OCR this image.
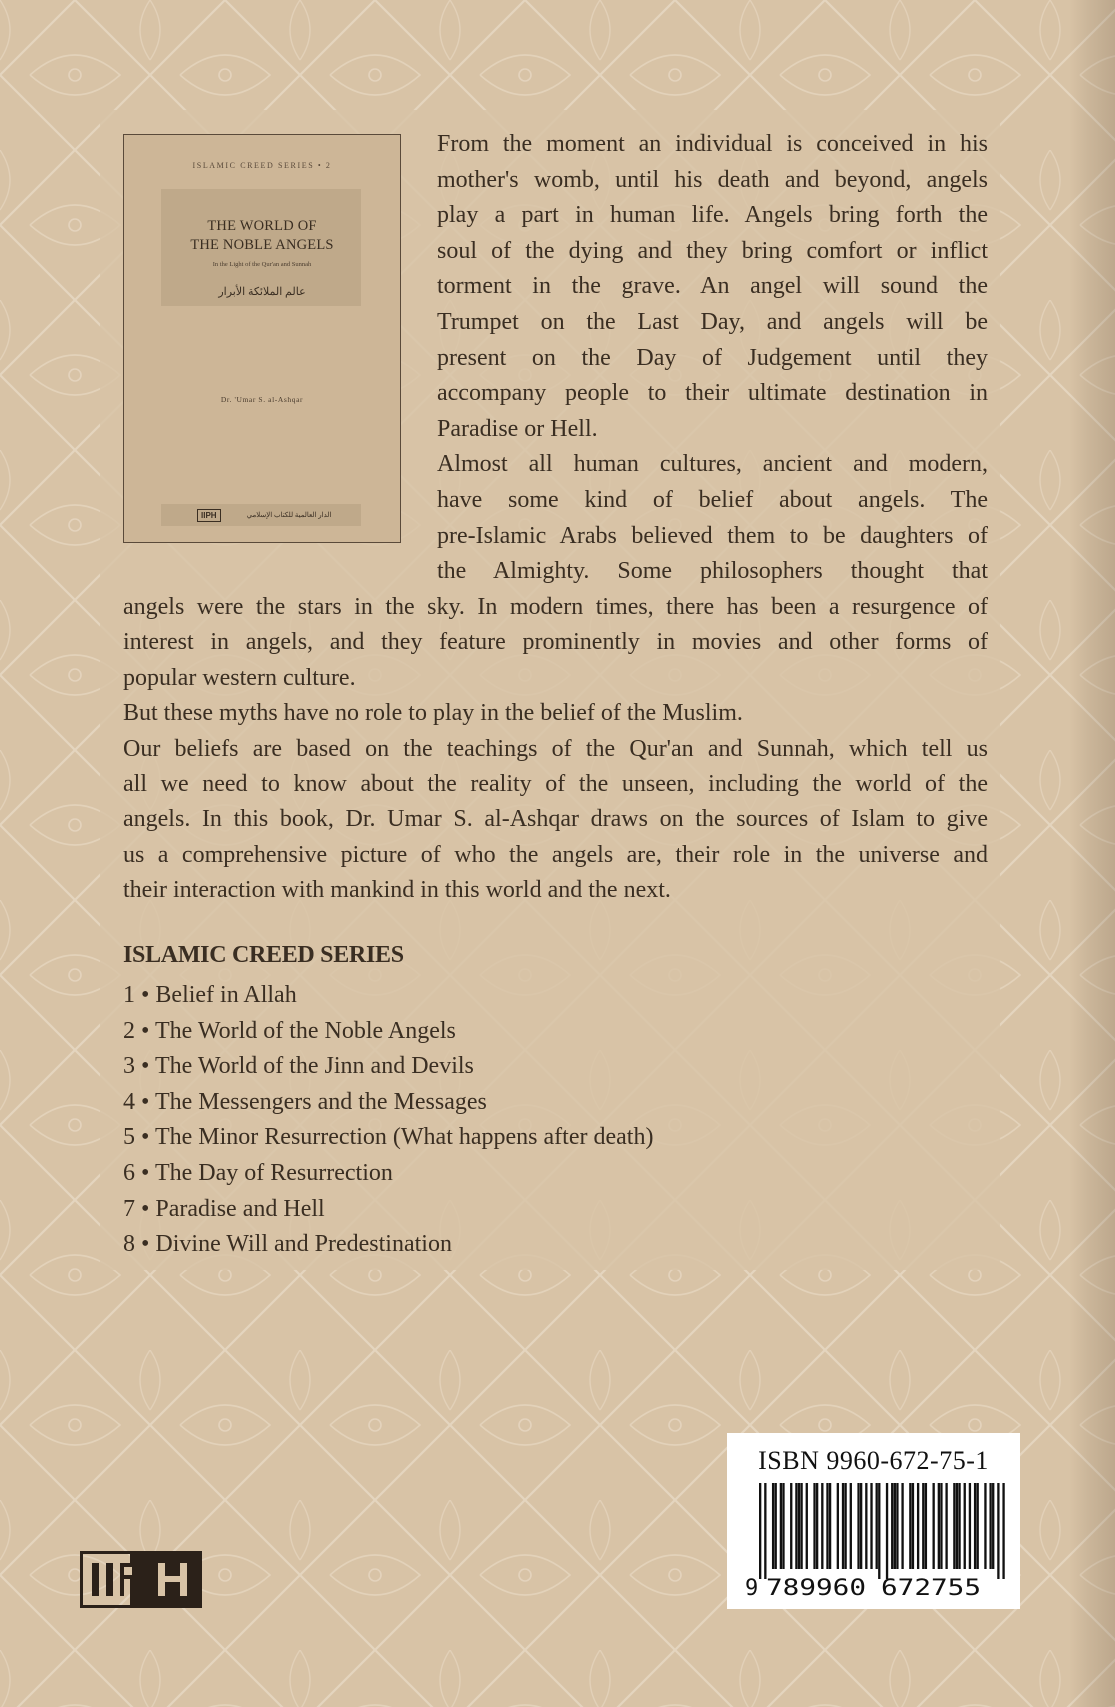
ISLAMIC CREED SERIES • 2
THE WORLD OF
THE NOBLE ANGELS
In the Light of the Qur'an and Sunnah
عالم الملائكة الأبرار
Dr. 'Umar S. al-Ashqar
IIPH	الدار العالمية للكتاب الإسلامي
From the moment an individual is conceived in his
mother's womb, until his death and beyond, angels
play a part in human life. Angels bring forth the
soul of the dying and they bring comfort or inflict
torment in the grave. An angel will sound the
Trumpet on the Last Day, and angels will be
present on the Day of Judgement until they
accompany people to their ultimate destination in
Paradise or Hell.
Almost all human cultures, ancient and modern,
have some kind of belief about angels. The
pre-Islamic Arabs believed them to be daughters of
the Almighty. Some philosophers thought that
angels were the stars in the sky. In modern times, there has been a resurgence of
interest in angels, and they feature prominently in movies and other forms of
popular western culture.
But these myths have no role to play in the belief of the Muslim.
Our beliefs are based on the teachings of the Qur'an and Sunnah, which tell us
all we need to know about the reality of the unseen, including the world of the
angels. In this book, Dr. Umar S. al-Ashqar draws on the sources of Islam to give
us a comprehensive picture of who the angels are, their role in the universe and
their interaction with mankind in this world and the next.
ISLAMIC CREED SERIES
1 • Belief in Allah
2 • The World of the Noble Angels
3 • The World of the Jinn and Devils
4 • The Messengers and the Messages
5 • The Minor Resurrection (What happens after death)
6 • The Day of Resurrection
7 • Paradise and Hell
8 • Divine Will and Predestination
ISBN 9960-672-75-1
9 789960 672755
